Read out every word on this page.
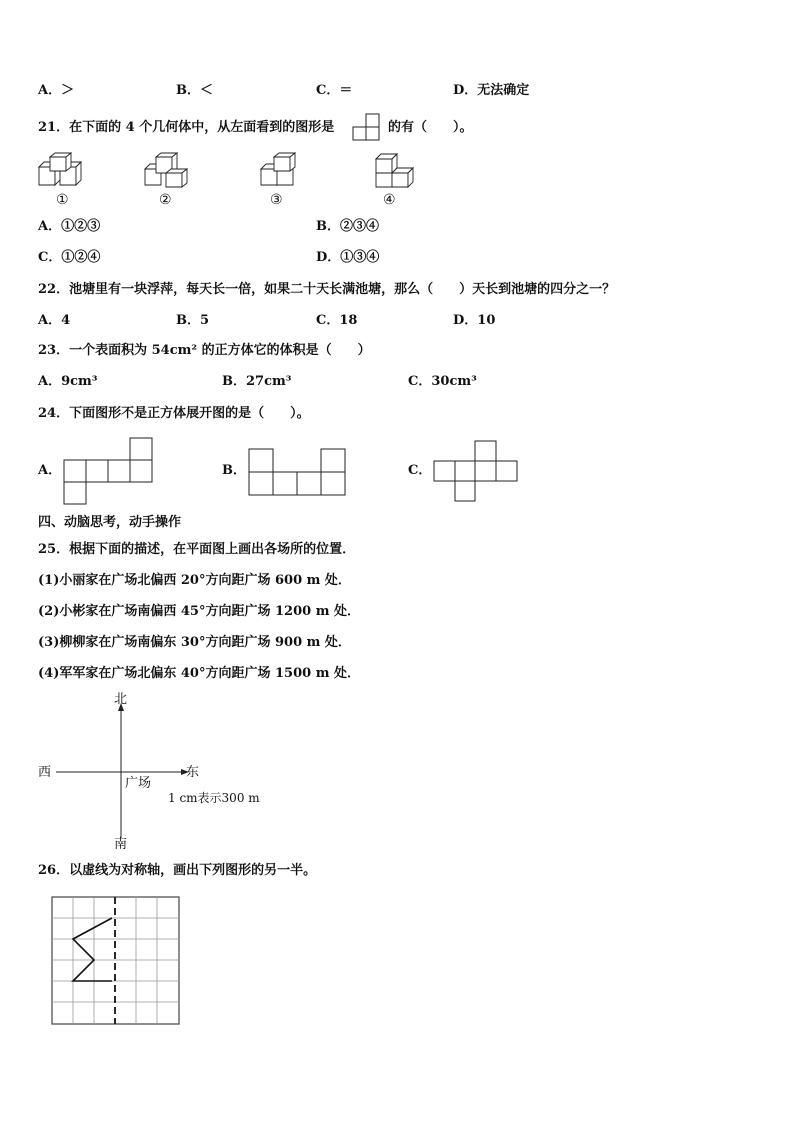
A．＞	B．＜	C．＝	D．无法确定
21．在下面的 4 个几何体中，从左面看到的图形是	的有（　　）。
①	②	③	④
A．①②③	B．②③④
C．①②④	D．①③④
22．池塘里有一块浮萍，每天长一倍，如果二十天长满池塘，那么（　　）天长到池塘的四分之一？
A．4	B．5	C．18	D．10
23．一个表面积为 54cm² 的正方体它的体积是（　　）
A．9cm³	B．27cm³	C．30cm³
24．下面图形不是正方体展开图的是（　　）。
A．	B．	C．
四、动脑思考，动手操作
25．根据下面的描述，在平面图上画出各场所的位置．
(1)小丽家在广场北偏西 20°方向距广场 600 m 处．
(2)小彬家在广场南偏西 45°方向距广场 1200 m 处．
(3)柳柳家在广场南偏东 30°方向距广场 900 m 处．
(4)军军家在广场北偏东 40°方向距广场 1500 m 处．
北
南
西	东
广场
1 cm表示300 m
26．以虚线为对称轴，画出下列图形的另一半。
